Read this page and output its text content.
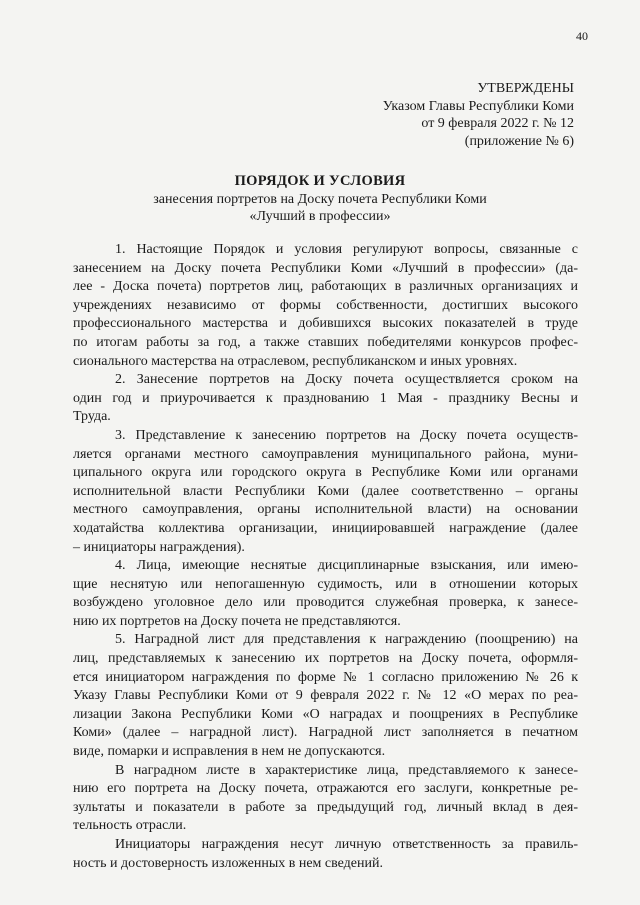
40
УТВЕРЖДЕНЫ
Указом Главы Республики Коми
от 9 февраля 2022 г. № 12
(приложение № 6)
ПОРЯДОК И УСЛОВИЯ
занесения портретов на Доску почета Республики Коми
«Лучший в профессии»
1. Настоящие Порядок и условия регулируют вопросы, связанные с
занесением на Доску почета Республики Коми «Лучший в профессии» (да-
лее - Доска почета) портретов лиц, работающих в различных организациях и
учреждениях независимо от формы собственности, достигших высокого
профессионального мастерства и добившихся высоких показателей в труде
по итогам работы за год, а также ставших победителями конкурсов профес-
сионального мастерства на отраслевом, республиканском и иных уровнях.
2. Занесение портретов на Доску почета осуществляется сроком на
один год и приурочивается к празднованию 1 Мая - празднику Весны и
Труда.
3. Представление к занесению портретов на Доску почета осуществ-
ляется органами местного самоуправления муниципального района, муни-
ципального округа или городского округа в Республике Коми или органами
исполнительной власти Республики Коми (далее соответственно – органы
местного самоуправления, органы исполнительной власти) на основании
ходатайства коллектива организации, инициировавшей награждение (далее
– инициаторы награждения).
4. Лица, имеющие неснятые дисциплинарные взыскания, или имею-
щие неснятую или непогашенную судимость, или в отношении которых
возбуждено уголовное дело или проводится служебная проверка, к занесе-
нию их портретов на Доску почета не представляются.
5. Наградной лист для представления к награждению (поощрению) на
лиц, представляемых к занесению их портретов на Доску почета, оформля-
ется инициатором награждения по форме № 1 согласно приложению № 26 к
Указу Главы Республики Коми от 9 февраля 2022 г. № 12 «О мерах по реа-
лизации Закона Республики Коми «О наградах и поощрениях в Республике
Коми» (далее – наградной лист). Наградной лист заполняется в печатном
виде, помарки и исправления в нем не допускаются.
В наградном листе в характеристике лица, представляемого к занесе-
нию его портрета на Доску почета, отражаются его заслуги, конкретные ре-
зультаты и показатели в работе за предыдущий год, личный вклад в дея-
тельность отрасли.
Инициаторы награждения несут личную ответственность за правиль-
ность и достоверность изложенных в нем сведений.
